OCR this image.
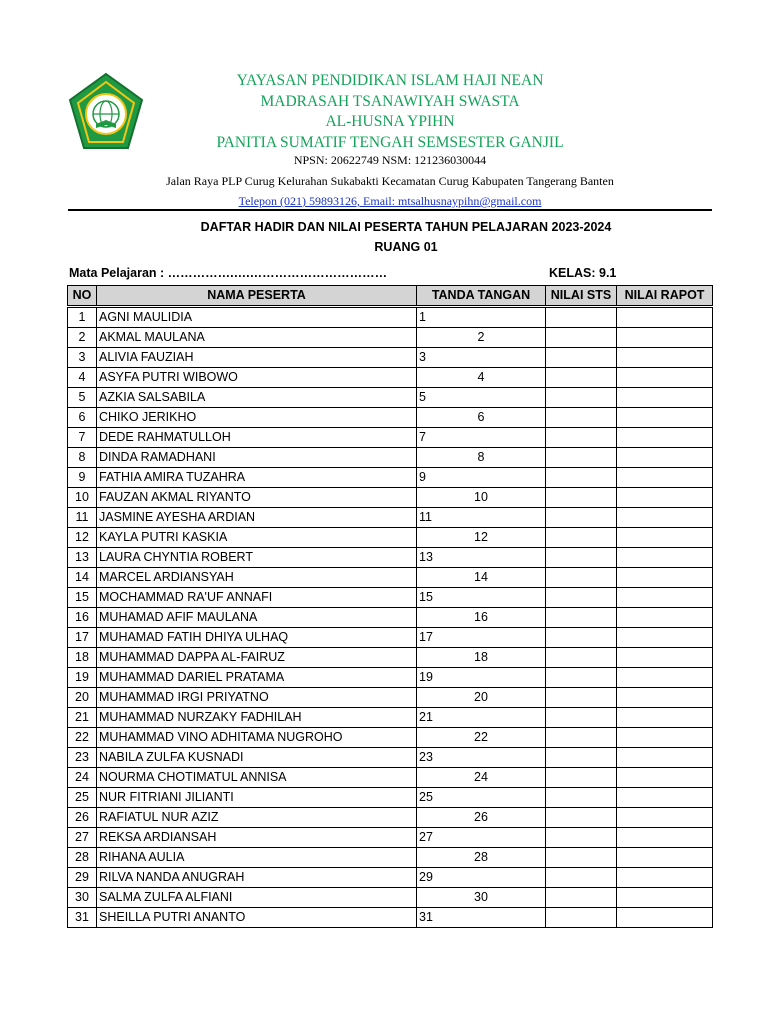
YAYASAN PENDIDIKAN ISLAM HAJI NEAN
MADRASAH TSANAWIYAH SWASTA
AL-HUSNA YPIHN
PANITIA SUMATIF TENGAH SEMSESTER GANJIL
NPSN: 20622749 NSM: 121236030044
Jalan Raya PLP Curug Kelurahan Sukabakti Kecamatan Curug Kabupaten Tangerang Banten
Telepon (021) 59893126, Email: mtsalhusnaypihn@gmail.com
DAFTAR HADIR DAN NILAI PESERTA TAHUN PELAJARAN 2023-2024
RUANG 01
Mata Pelajaran : …………….….……………………………	KELAS: 9.1
NO	NAMA PESERTA	TANDA TANGAN	NILAI STS	NILAI RAPOT
1	AGNI MAULIDIA	1		
2	AKMAL MAULANA	2		
3	ALIVIA FAUZIAH	3		
4	ASYFA PUTRI WIBOWO	4		
5	AZKIA SALSABILA	5		
6	CHIKO JERIKHO	6		
7	DEDE RAHMATULLOH	7		
8	DINDA RAMADHANI	8		
9	FATHIA AMIRA TUZAHRA	9		
10	FAUZAN AKMAL RIYANTO	10		
11	JASMINE AYESHA ARDIAN	11		
12	KAYLA PUTRI KASKIA	12		
13	LAURA CHYNTIA ROBERT	13		
14	MARCEL ARDIANSYAH	14		
15	MOCHAMMAD RA'UF ANNAFI	15		
16	MUHAMAD AFIF MAULANA	16		
17	MUHAMAD FATIH DHIYA ULHAQ	17		
18	MUHAMMAD DAPPA AL-FAIRUZ	18		
19	MUHAMMAD DARIEL PRATAMA	19		
20	MUHAMMAD IRGI PRIYATNO	20		
21	MUHAMMAD NURZAKY FADHILAH	21		
22	MUHAMMAD VINO ADHITAMA NUGROHO	22		
23	NABILA ZULFA KUSNADI	23		
24	NOURMA CHOTIMATUL ANNISA	24		
25	NUR FITRIANI JILIANTI	25		
26	RAFIATUL NUR AZIZ	26		
27	REKSA ARDIANSAH	27		
28	RIHANA AULIA	28		
29	RILVA NANDA ANUGRAH	29		
30	SALMA ZULFA ALFIANI	30		
31	SHEILLA PUTRI ANANTO	31		
